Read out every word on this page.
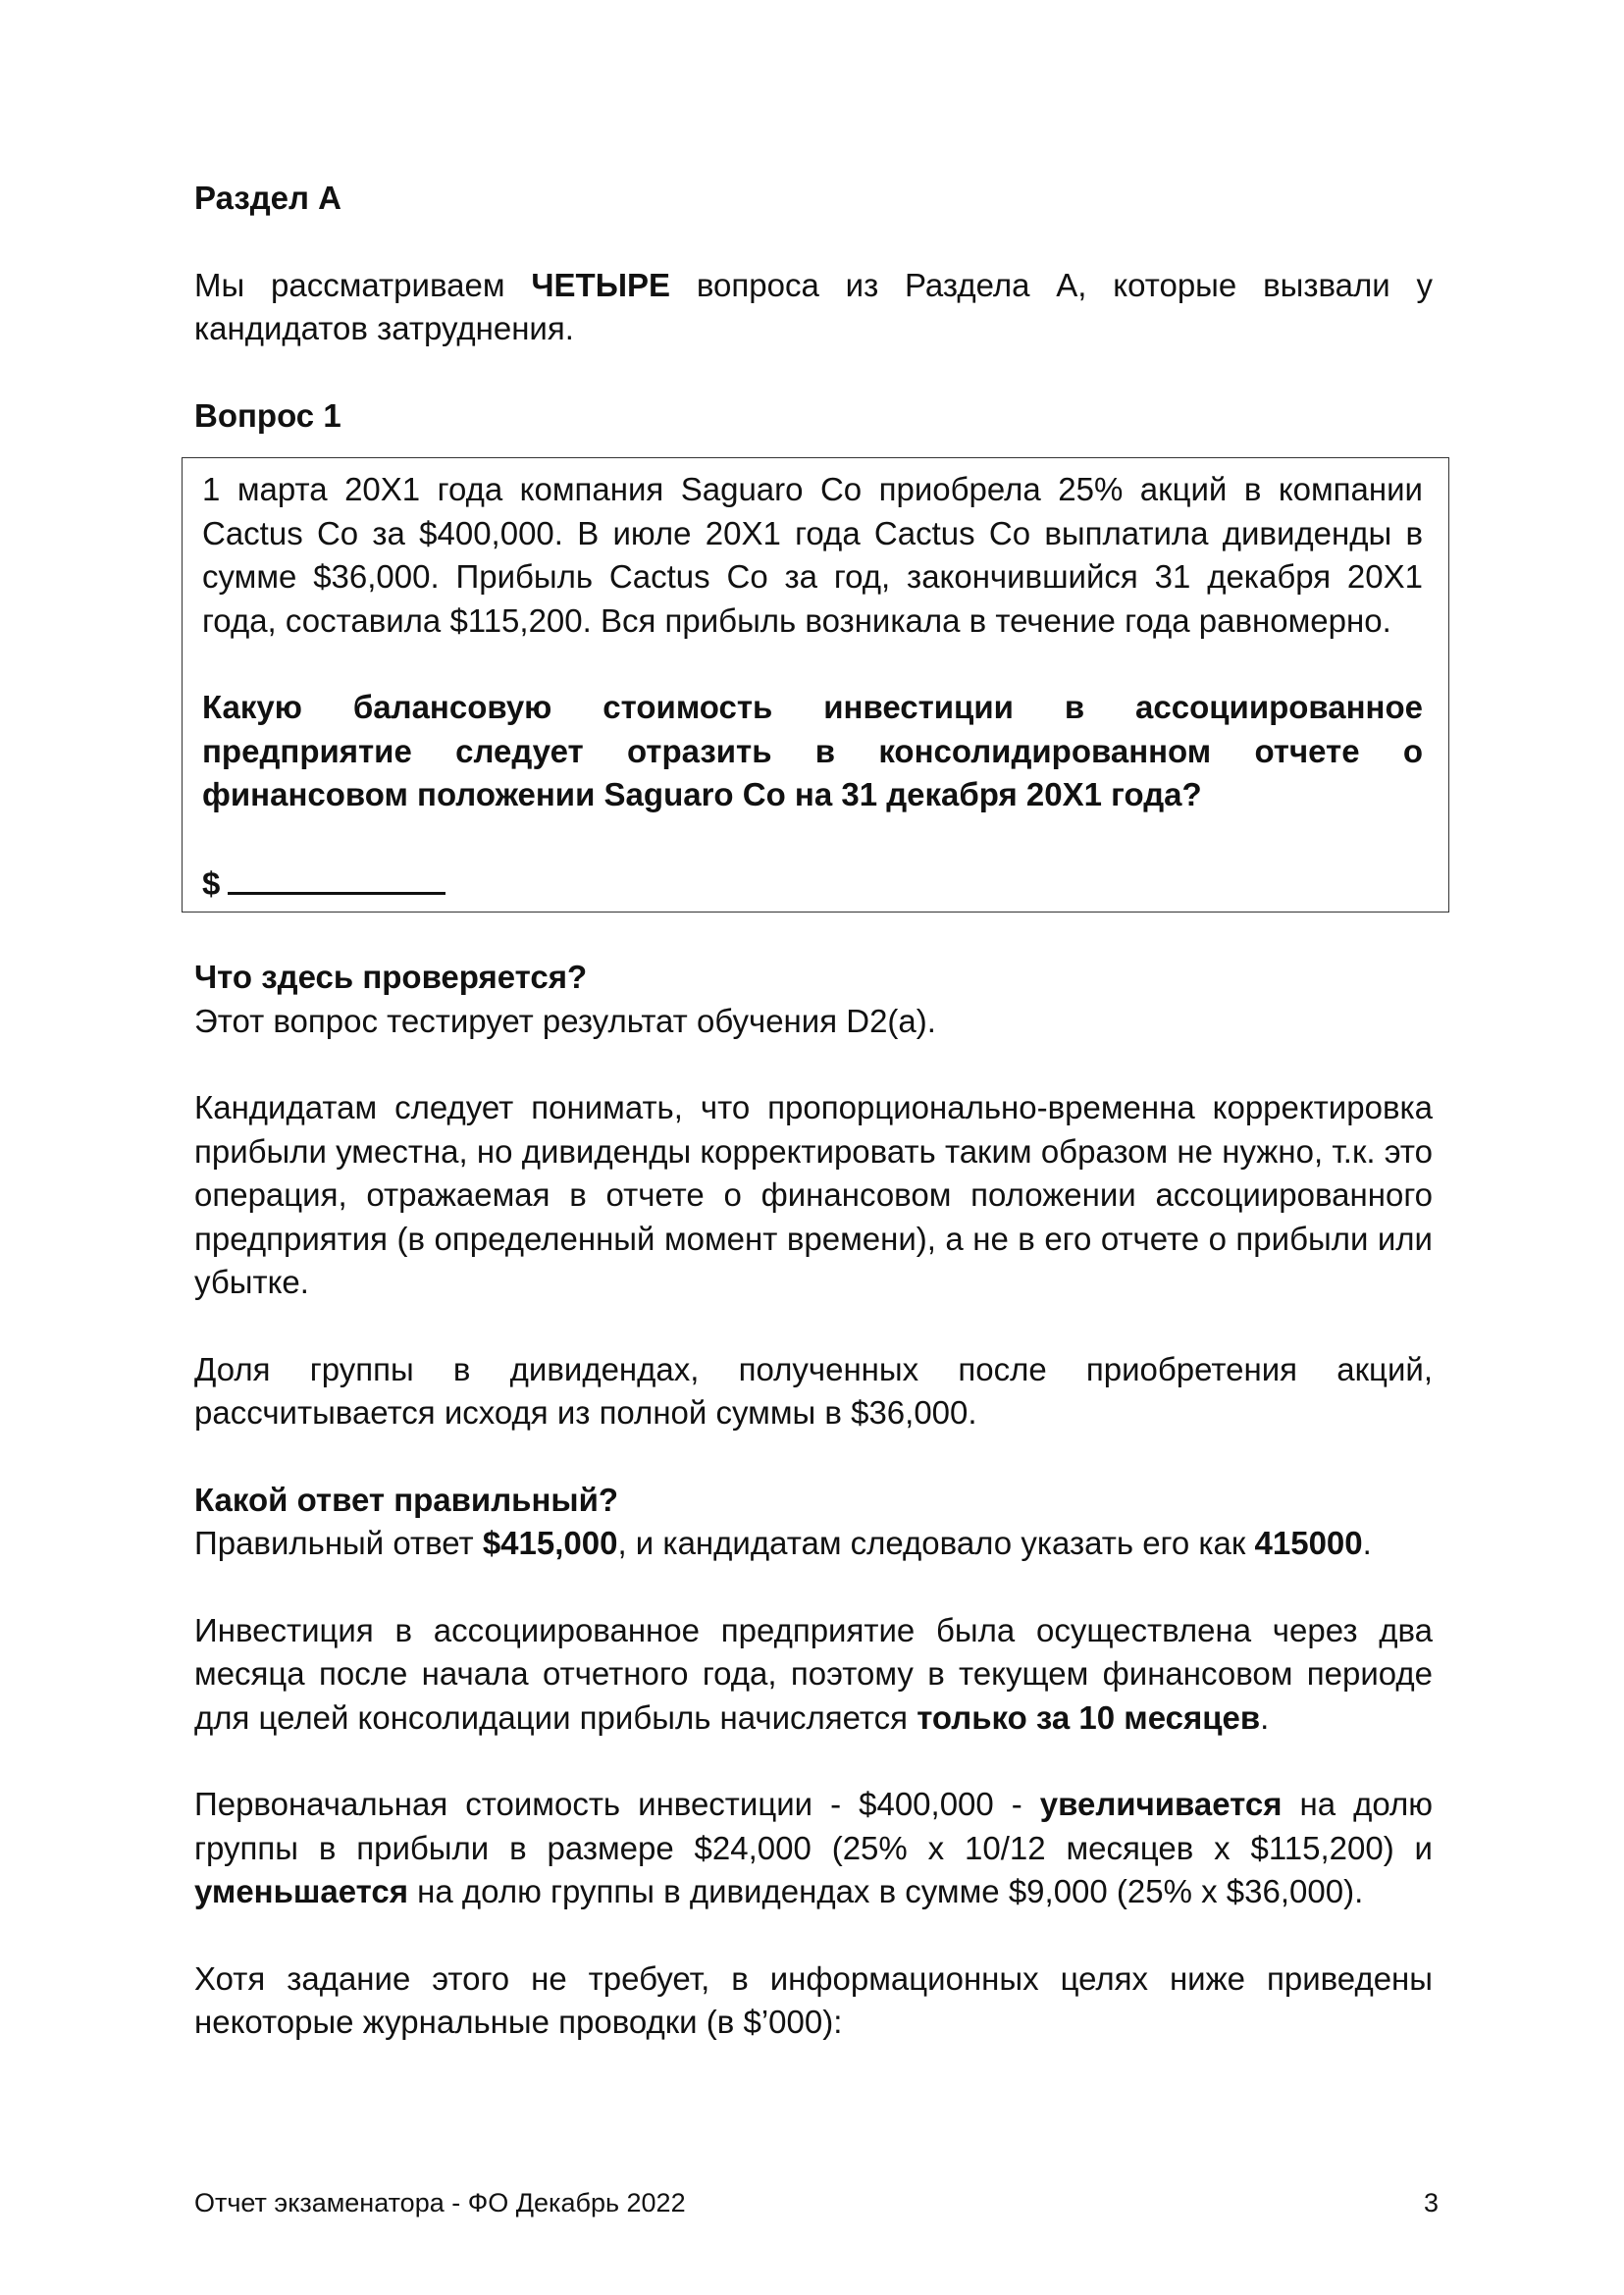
Раздел А

Мы рассматриваем ЧЕТЫРЕ вопроса из Раздела А, которые вызвали у кандидатов затруднения.

Вопрос 1

1 марта 20X1 года компания Saguaro Co приобрела 25% акций в компании Cactus Co за $400,000. В июле 20X1 года Cactus Co выплатила дивиденды в сумме $36,000. Прибыль Cactus Co за год, закончившийся 31 декабря 20X1 года, составила $115,200. Вся прибыль возникала в течение года равномерно.

Какую балансовую стоимость инвестиции в ассоциированное предприятие следует отразить в консолидированном отчете о финансовом положении Saguaro Co на 31 декабря 20X1 года?

$

Что здесь проверяется?

Этот вопрос тестирует результат обучения D2(a).

Кандидатам следует понимать, что пропорционально-временна корректировка прибыли уместна, но дивиденды корректировать таким образом не нужно, т.к. это операция, отражаемая в отчете о финансовом положении ассоциированного предприятия (в определенный момент времени), а не в его отчете о прибыли или убытке.

Доля группы в дивидендах, полученных после приобретения акций, рассчитывается исходя из полной суммы в $36,000.

Какой ответ правильный?

Правильный ответ $415,000, и кандидатам следовало указать его как 415000.

Инвестиция в ассоциированное предприятие была осуществлена через два месяца после начала отчетного года, поэтому в текущем финансовом периоде для целей консолидации прибыль начисляется только за 10 месяцев.

Первоначальная стоимость инвестиции - $400,000 - увеличивается на долю группы в прибыли в размере $24,000 (25% x 10/12 месяцев x $115,200) и уменьшается на долю группы в дивидендах в сумме $9,000 (25% x $36,000).

Хотя задание этого не требует, в информационных целях ниже приведены некоторые журнальные проводки (в $’000):

Отчет экзаменатора - ФО Декабрь 2022	3
